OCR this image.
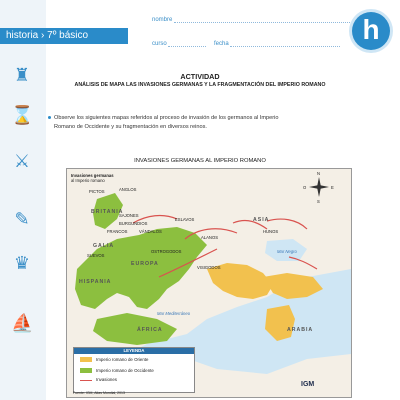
♜
⌛
⚔
✎
♛
⛵
historia › 7º básico
nombre
curso	fecha	h
ACTIVIDAD
ANÁLISIS DE MAPA LAS INVASIONES GERMANAS Y LA FRAGMENTACIÓN DEL IMPERIO ROMANO
Observe los siguientes mapas referidos al proceso de invasión de los germanos al Imperio
Romano de Occidente y su fragmentación en diversos reinos.
INVASIONES GERMANAS AL IMPERIO ROMANO
Invasiones germanas
al Imperio romano
N
S
E
O
PICTOS	ANGLOS
BRITANIA
SAJONES
BURGUNDIOS
FRANCOS	VÁNDALOS
ESLAVOS	ASIA
HUNOS
ALANOS
GALIA
SUEVOS
OSTROGODOS
EUROPA
VISIGODOS
HISPANIA
Mar Negro
Mar Mediterráneo
ÁFRICA	ARABIA
LEYENDA
Imperio romano de Oriente
Imperio romano de Occidente
Invasiones
Fuente: IGM, Atlas Mundial, 2013
IGM
